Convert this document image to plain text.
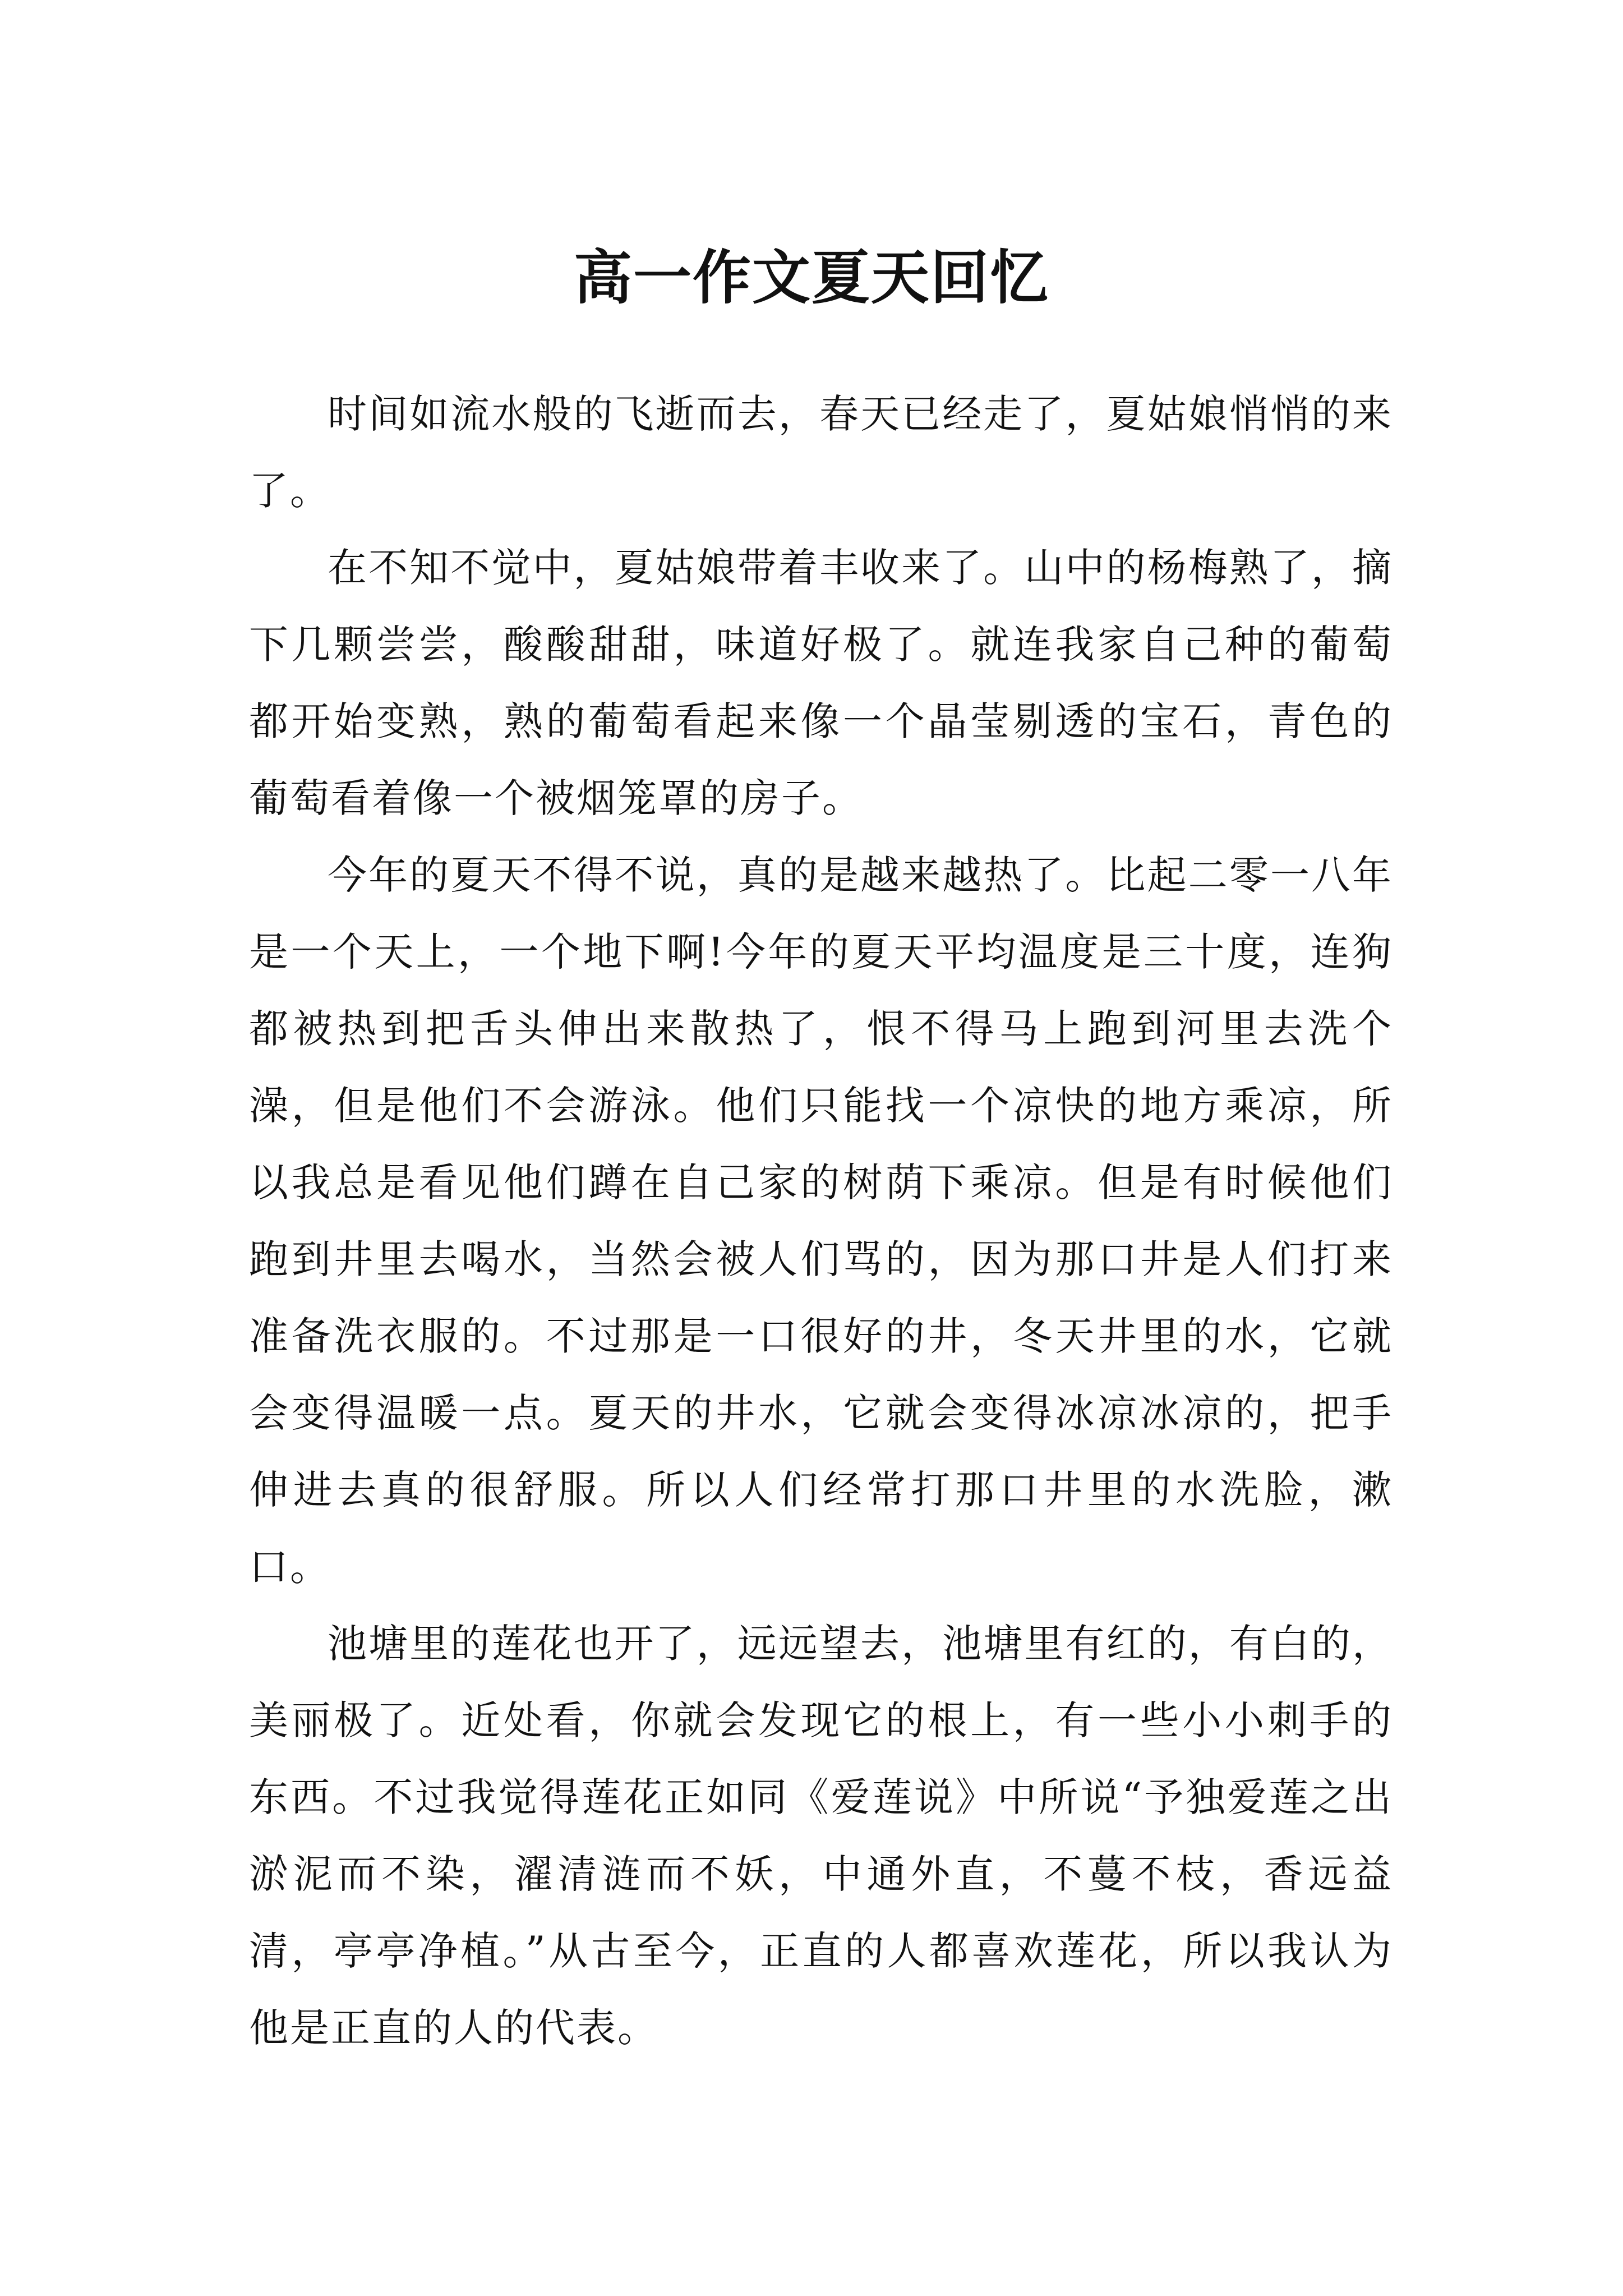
高一作文夏天回忆

时间如流水般的飞逝而去，春天已经走了，夏姑娘悄悄的来了。

在不知不觉中，夏姑娘带着丰收来了。山中的杨梅熟了，摘下几颗尝尝，酸酸甜甜，味道好极了。就连我家自己种的葡萄都开始变熟，熟的葡萄看起来像一个晶莹剔透的宝石，青色的葡萄看着像一个被烟笼罩的房子。

今年的夏天不得不说，真的是越来越热了。比起二零一八年是一个天上，一个地下啊!今年的夏天平均温度是三十度，连狗都被热到把舌头伸出来散热了，恨不得马上跑到河里去洗个澡，但是他们不会游泳。他们只能找一个凉快的地方乘凉，所以我总是看见他们蹲在自己家的树荫下乘凉。但是有时候他们跑到井里去喝水，当然会被人们骂的，因为那口井是人们打来准备洗衣服的。不过那是一口很好的井，冬天井里的水，它就会变得温暖一点。夏天的井水，它就会变得冰凉冰凉的，把手伸进去真的很舒服。所以人们经常打那口井里的水洗脸，漱口。

池塘里的莲花也开了，远远望去，池塘里有红的，有白的，美丽极了。近处看，你就会发现它的根上，有一些小小刺手的东西。不过我觉得莲花正如同《爱莲说》中所说“予独爱莲之出淤泥而不染，濯清涟而不妖，中通外直，不蔓不枝，香远益清，亭亭净植。”从古至今，正直的人都喜欢莲花，所以我认为他是正直的人的代表。
